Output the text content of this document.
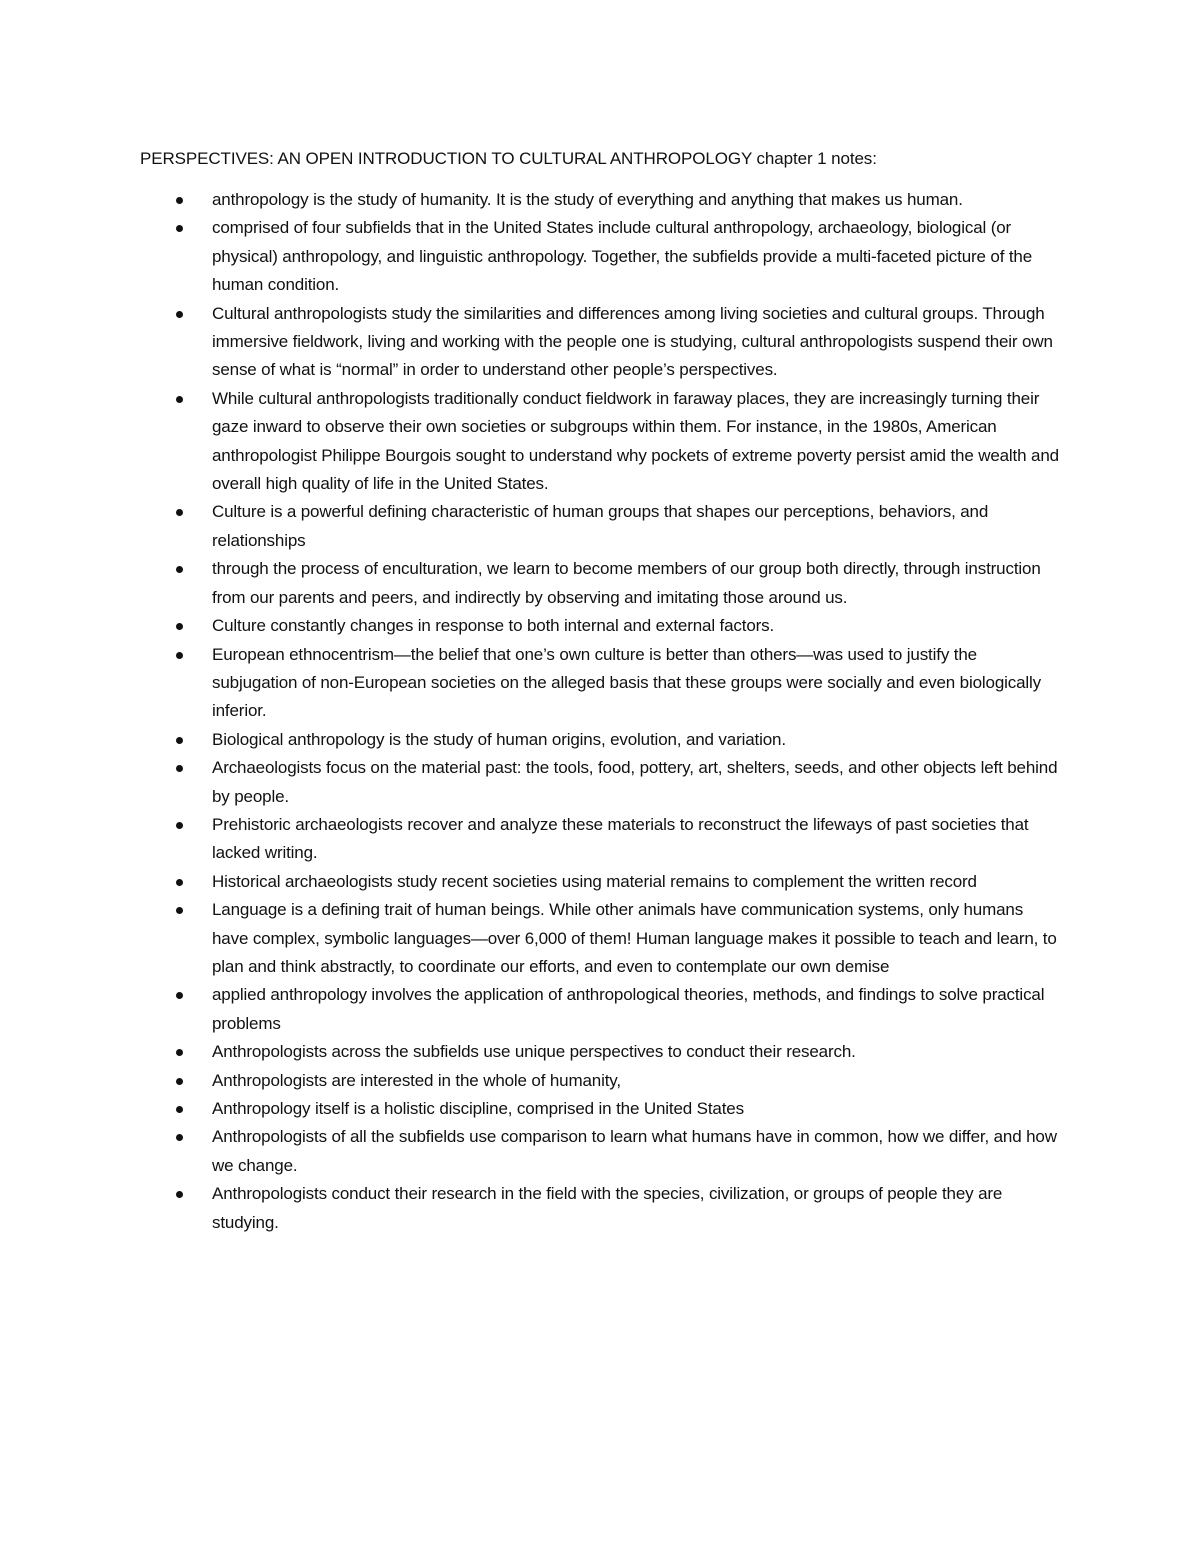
PERSPECTIVES: AN OPEN INTRODUCTION TO CULTURAL ANTHROPOLOGY chapter 1 notes:
anthropology is the study of humanity. It is the study of everything and anything that makes us human.
comprised of four subfields that in the United States include cultural anthropology, archaeology, biological (or physical) anthropology, and linguistic anthropology. Together, the subfields provide a multi-faceted picture of the human condition.
Cultural anthropologists study the similarities and differences among living societies and cultural groups. Through immersive fieldwork, living and working with the people one is studying, cultural anthropologists suspend their own sense of what is “normal” in order to understand other people’s perspectives.
While cultural anthropologists traditionally conduct fieldwork in faraway places, they are increasingly turning their gaze inward to observe their own societies or subgroups within them. For instance, in the 1980s, American anthropologist Philippe Bourgois sought to understand why pockets of extreme poverty persist amid the wealth and overall high quality of life in the United States.
Culture is a powerful defining characteristic of human groups that shapes our perceptions, behaviors, and relationships
through the process of enculturation, we learn to become members of our group both directly, through instruction from our parents and peers, and indirectly by observing and imitating those around us.
Culture constantly changes in response to both internal and external factors.
European ethnocentrism—the belief that one’s own culture is better than others—was used to justify the subjugation of non-European societies on the alleged basis that these groups were socially and even biologically inferior.
Biological anthropology is the study of human origins, evolution, and variation.
Archaeologists focus on the material past: the tools, food, pottery, art, shelters, seeds, and other objects left behind by people.
Prehistoric archaeologists recover and analyze these materials to reconstruct the lifeways of past societies that lacked writing.
Historical archaeologists study recent societies using material remains to complement the written record
Language is a defining trait of human beings. While other animals have communication systems, only humans have complex, symbolic languages—over 6,000 of them! Human language makes it possible to teach and learn, to plan and think abstractly, to coordinate our efforts, and even to contemplate our own demise
applied anthropology involves the application of anthropological theories, methods, and findings to solve practical problems
Anthropologists across the subfields use unique perspectives to conduct their research.
Anthropologists are interested in the whole of humanity,
Anthropology itself is a holistic discipline, comprised in the United States
Anthropologists of all the subfields use comparison to learn what humans have in common, how we differ, and how we change.
Anthropologists conduct their research in the field with the species, civilization, or groups of people they are studying.
